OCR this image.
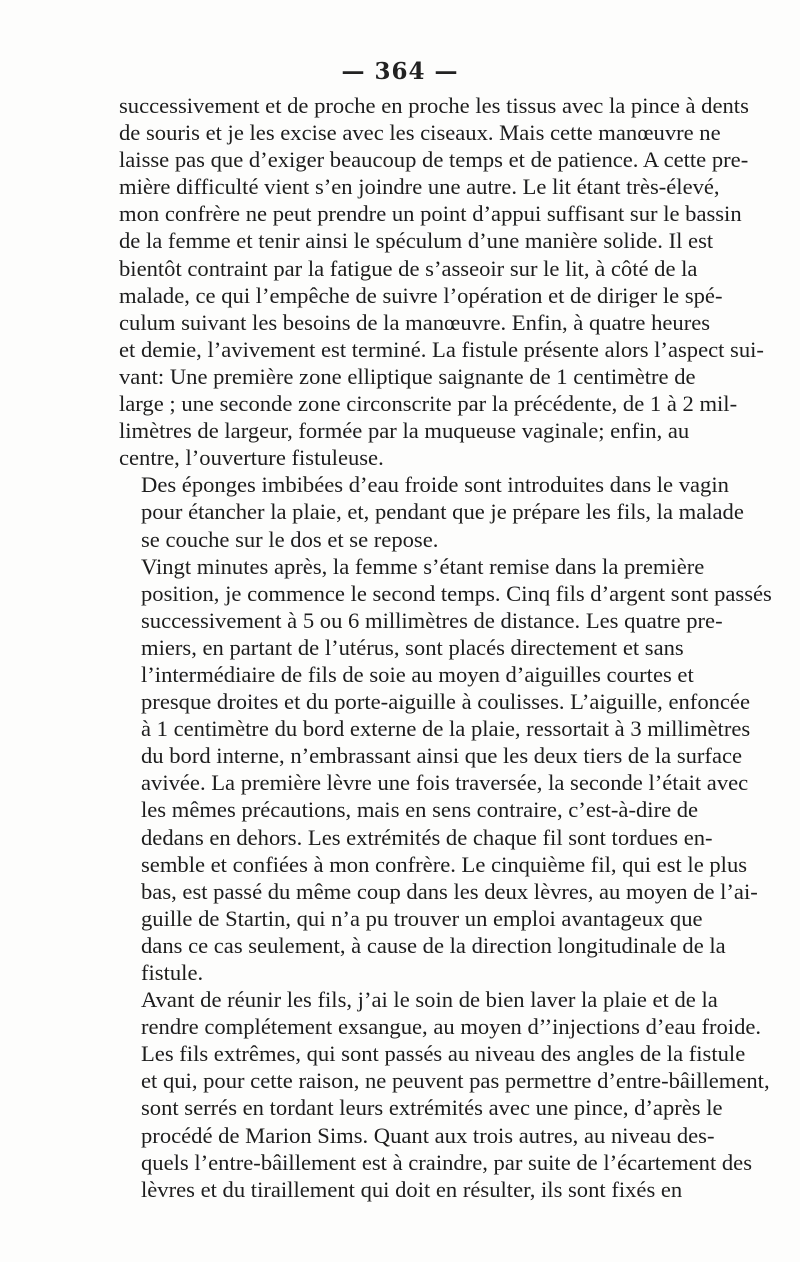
— 364 —

successivement et de proche en proche les tissus avec la pince à dents
de souris et je les excise avec les ciseaux. Mais cette manœuvre ne
laisse pas que d’exiger beaucoup de temps et de patience. A cette pre-
mière difficulté vient s’en joindre une autre. Le lit étant très-élevé,
mon confrère ne peut prendre un point d’appui suffisant sur le bassin
de la femme et tenir ainsi le spéculum d’une manière solide. Il est
bientôt contraint par la fatigue de s’asseoir sur le lit, à côté de la
malade, ce qui l’empêche de suivre l’opération et de diriger le spé-
culum suivant les besoins de la manœuvre. Enfin, à quatre heures
et demie, l’avivement est terminé. La fistule présente alors l’aspect sui-
vant: Une première zone elliptique saignante de 1 centimètre de
large ; une seconde zone circonscrite par la précédente, de 1 à 2 mil-
limètres de largeur, formée par la muqueuse vaginale; enfin, au
centre, l’ouverture fistuleuse.

Des éponges imbibées d’eau froide sont introduites dans le vagin
pour étancher la plaie, et, pendant que je prépare les fils, la malade
se couche sur le dos et se repose.

Vingt minutes après, la femme s’étant remise dans la première
position, je commence le second temps. Cinq fils d’argent sont passés
successivement à 5 ou 6 millimètres de distance. Les quatre pre-
miers, en partant de l’utérus, sont placés directement et sans
l’intermédiaire de fils de soie au moyen d’aiguilles courtes et
presque droites et du porte-aiguille à coulisses. L’aiguille, enfoncée
à 1 centimètre du bord externe de la plaie, ressortait à 3 millimètres
du bord interne, n’embrassant ainsi que les deux tiers de la surface
avivée. La première lèvre une fois traversée, la seconde l’était avec
les mêmes précautions, mais en sens contraire, c’est-à-dire de
dedans en dehors. Les extrémités de chaque fil sont tordues en-
semble et confiées à mon confrère. Le cinquième fil, qui est le plus
bas, est passé du même coup dans les deux lèvres, au moyen de l’ai-
guille de Startin, qui n’a pu trouver un emploi avantageux que
dans ce cas seulement, à cause de la direction longitudinale de la
fistule.

Avant de réunir les fils, j’ai le soin de bien laver la plaie et de la
rendre complétement exsangue, au moyen d’’injections d’eau froide.
Les fils extrêmes, qui sont passés au niveau des angles de la fistule
et qui, pour cette raison, ne peuvent pas permettre d’entre-bâillement,
sont serrés en tordant leurs extrémités avec une pince, d’après le
procédé de Marion Sims. Quant aux trois autres, au niveau des-
quels l’entre-bâillement est à craindre, par suite de l’écartement des
lèvres et du tiraillement qui doit en résulter, ils sont fixés en
